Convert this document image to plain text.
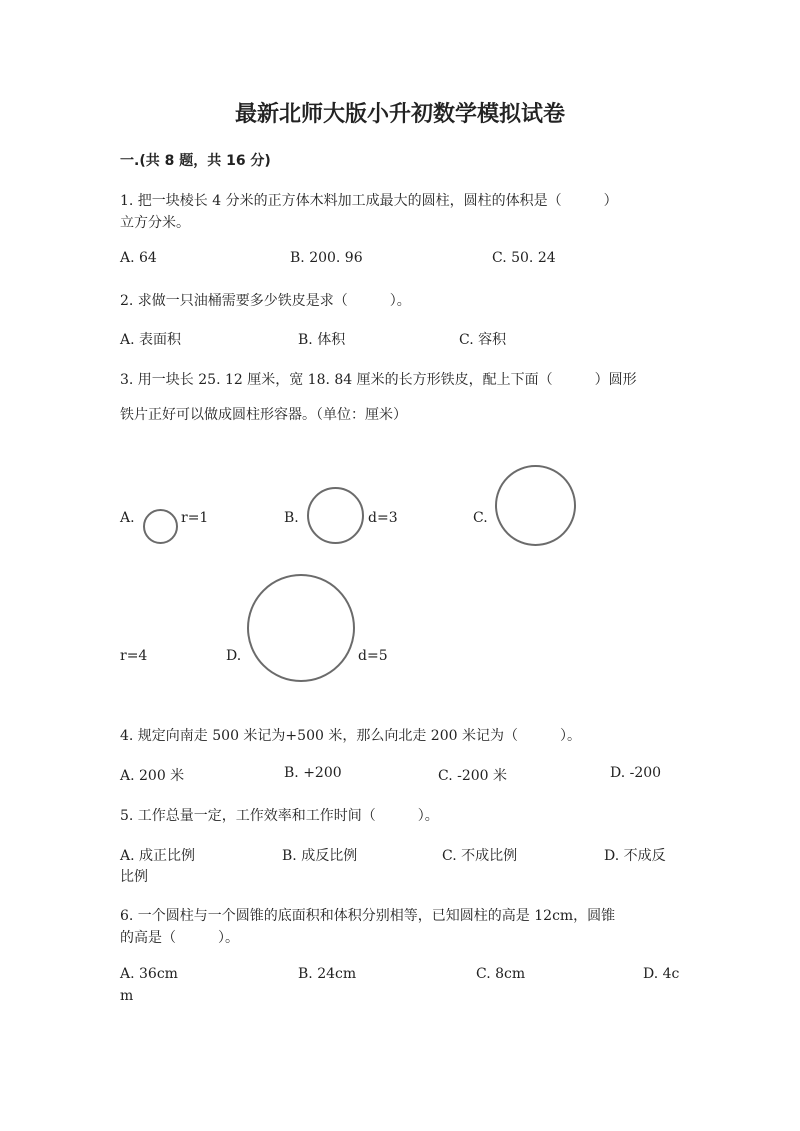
最新北师大版小升初数学模拟试卷
一.(共 8 题，共 16 分)
1. 把一块棱长 4 分米的正方体木料加工成最大的圆柱，圆柱的体积是（　　　）
立方分米。
A. 64	B. 200. 96	C. 50. 24
2. 求做一只油桶需要多少铁皮是求（　　　）。
A. 表面积	B. 体积	C. 容积
3. 用一块长 25. 12 厘米，宽 18. 84 厘米的长方形铁皮，配上下面（　　　）圆形
铁片正好可以做成圆柱形容器。（单位：厘米）
A.	r=1	B.	d=3	C.
r=4	D.	d=5
4. 规定向南走 500 米记为+500 米，那么向北走 200 米记为（　　　）。
A. 200 米	B. +200	C. -200 米	D. -200
5. 工作总量一定，工作效率和工作时间（　　　）。
A. 成正比例	B. 成反比例	C. 不成比例	D. 不成反
比例
6. 一个圆柱与一个圆锥的底面积和体积分别相等，已知圆柱的高是 12cm，圆锥
的高是（　　　）。
A. 36cm	B. 24cm	C. 8cm	D. 4c
m
